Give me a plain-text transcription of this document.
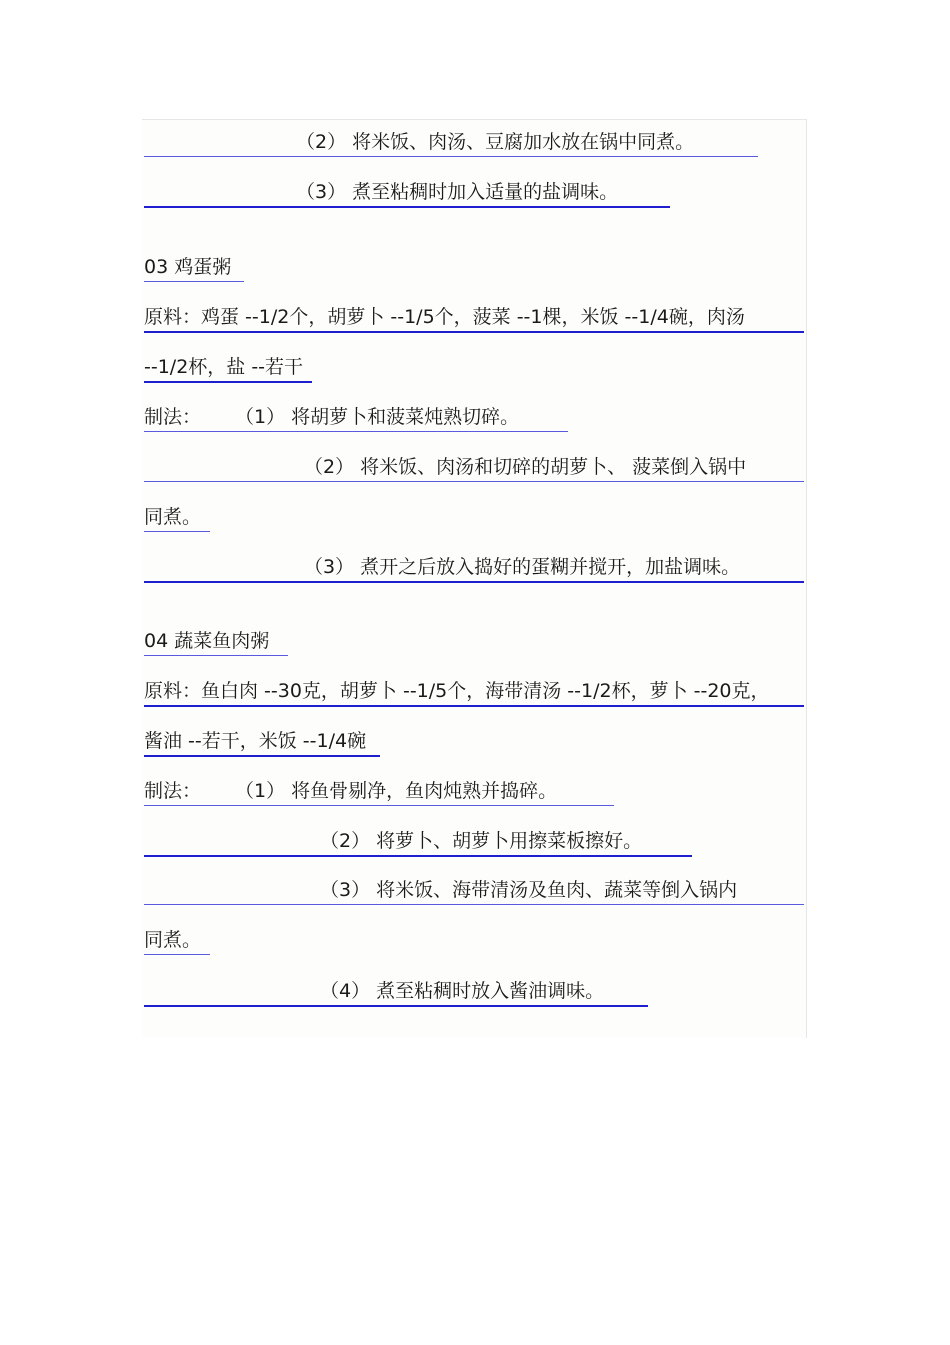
（2） 将米饭、肉汤、豆腐加水放在锅中同煮。
（3） 煮至粘稠时加入适量的盐调味。
03 鸡蛋粥
原料：鸡蛋 --1/2个，胡萝卜 --1/5个，菠菜 --1棵，米饭 --1/4碗，肉汤
--1/2杯，盐 --若干
制法： （1） 将胡萝卜和菠菜炖熟切碎。
（2） 将米饭、肉汤和切碎的胡萝卜、 菠菜倒入锅中
同煮。
（3） 煮开之后放入捣好的蛋糊并搅开，加盐调味。
04 蔬菜鱼肉粥
原料：鱼白肉 --30克，胡萝卜 --1/5个，海带清汤 --1/2杯，萝卜 --20克，
酱油 --若干，米饭 --1/4碗
制法： （1） 将鱼骨剔净，鱼肉炖熟并捣碎。
（2） 将萝卜、胡萝卜用擦菜板擦好。
（3） 将米饭、海带清汤及鱼肉、蔬菜等倒入锅内
同煮。
（4） 煮至粘稠时放入酱油调味。
